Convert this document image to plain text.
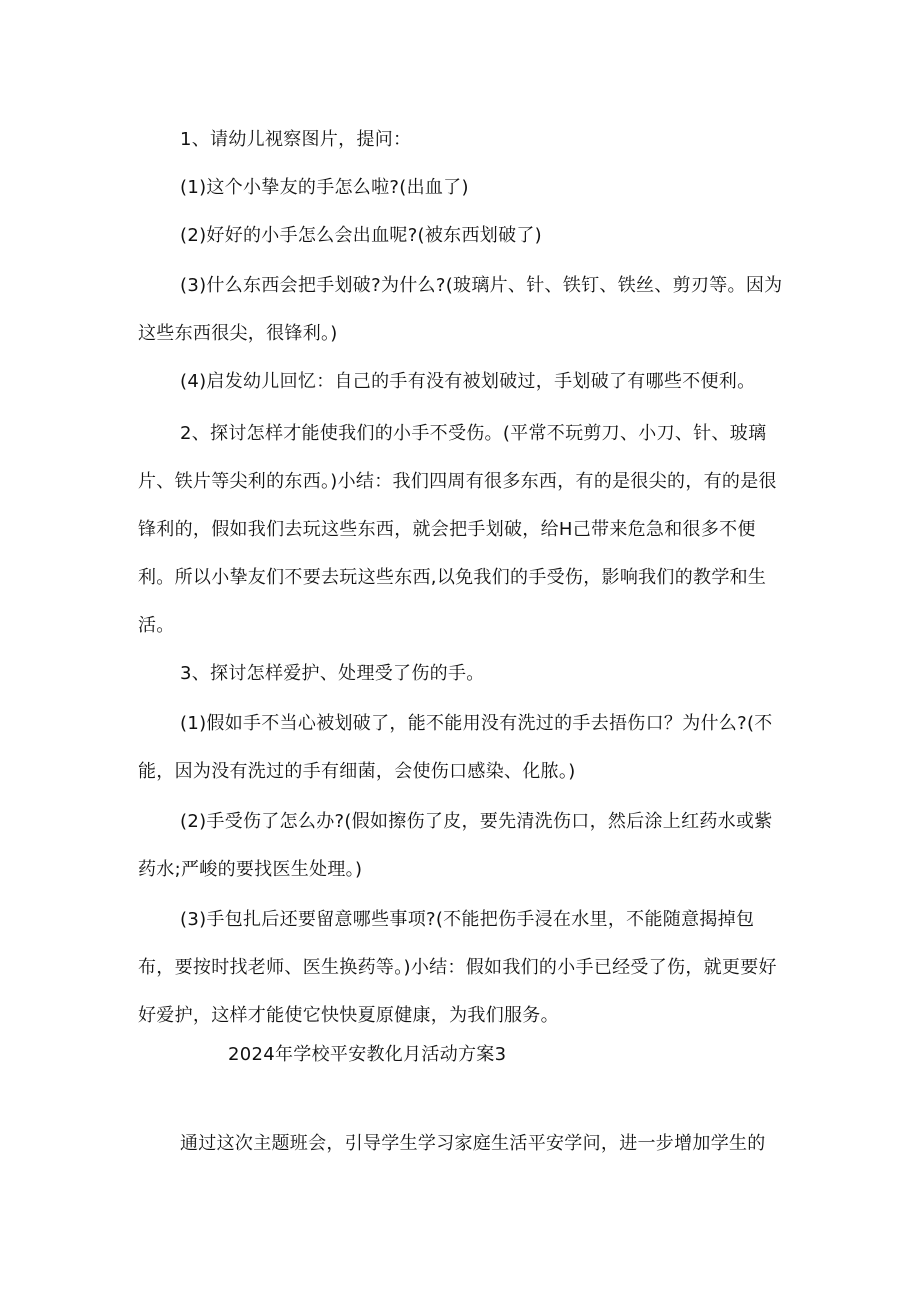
1、请幼儿视察图片，提问：

(1)这个小挚友的手怎么啦?(出血了)

(2)好好的小手怎么会出血呢?(被东西划破了)

(3)什么东西会把手划破?为什么?(玻璃片、针、铁钉、铁丝、剪刃等。因为这些东西很尖，很锋利。)

(4)启发幼儿回忆：自己的手有没有被划破过，手划破了有哪些不便利。

2、探讨怎样才能使我们的小手不受伤。(平常不玩剪刀、小刀、针、玻璃片、铁片等尖利的东西。)小结：我们四周有很多东西，有的是很尖的，有的是很锋利的，假如我们去玩这些东西，就会把手划破，给H己带来危急和很多不便利。所以小挚友们不要去玩这些东西,以免我们的手受伤，影响我们的教学和生活。

3、探讨怎样爱护、处理受了伤的手。

(1)假如手不当心被划破了，能不能用没有洗过的手去捂伤口？为什么?(不能，因为没有洗过的手有细菌，会使伤口感染、化脓。)

(2)手受伤了怎么办?(假如擦伤了皮，要先清洗伤口，然后涂上红药水或紫药水;严峻的要找医生处理。)

(3)手包扎后还要留意哪些事项?(不能把伤手浸在水里，不能随意揭掉包布，要按时找老师、医生换药等。)小结：假如我们的小手已经受了伤，就更要好好爱护，这样才能使它快快夏原健康，为我们服务。

2024年学校平安教化月活动方案3

通过这次主题班会，引导学生学习家庭生活平安学问，进一步增加学生的
